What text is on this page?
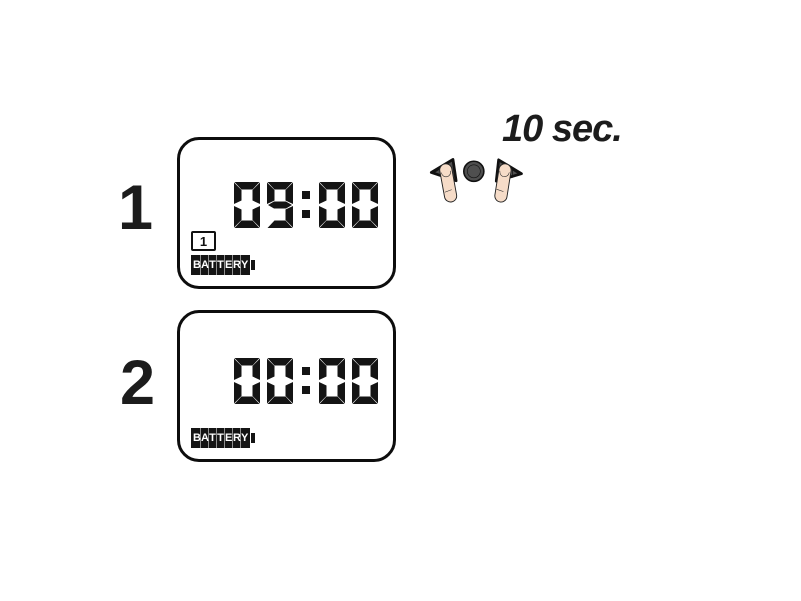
1	1
B A T T E R Y
2
B A T T E R Y
10 sec.
